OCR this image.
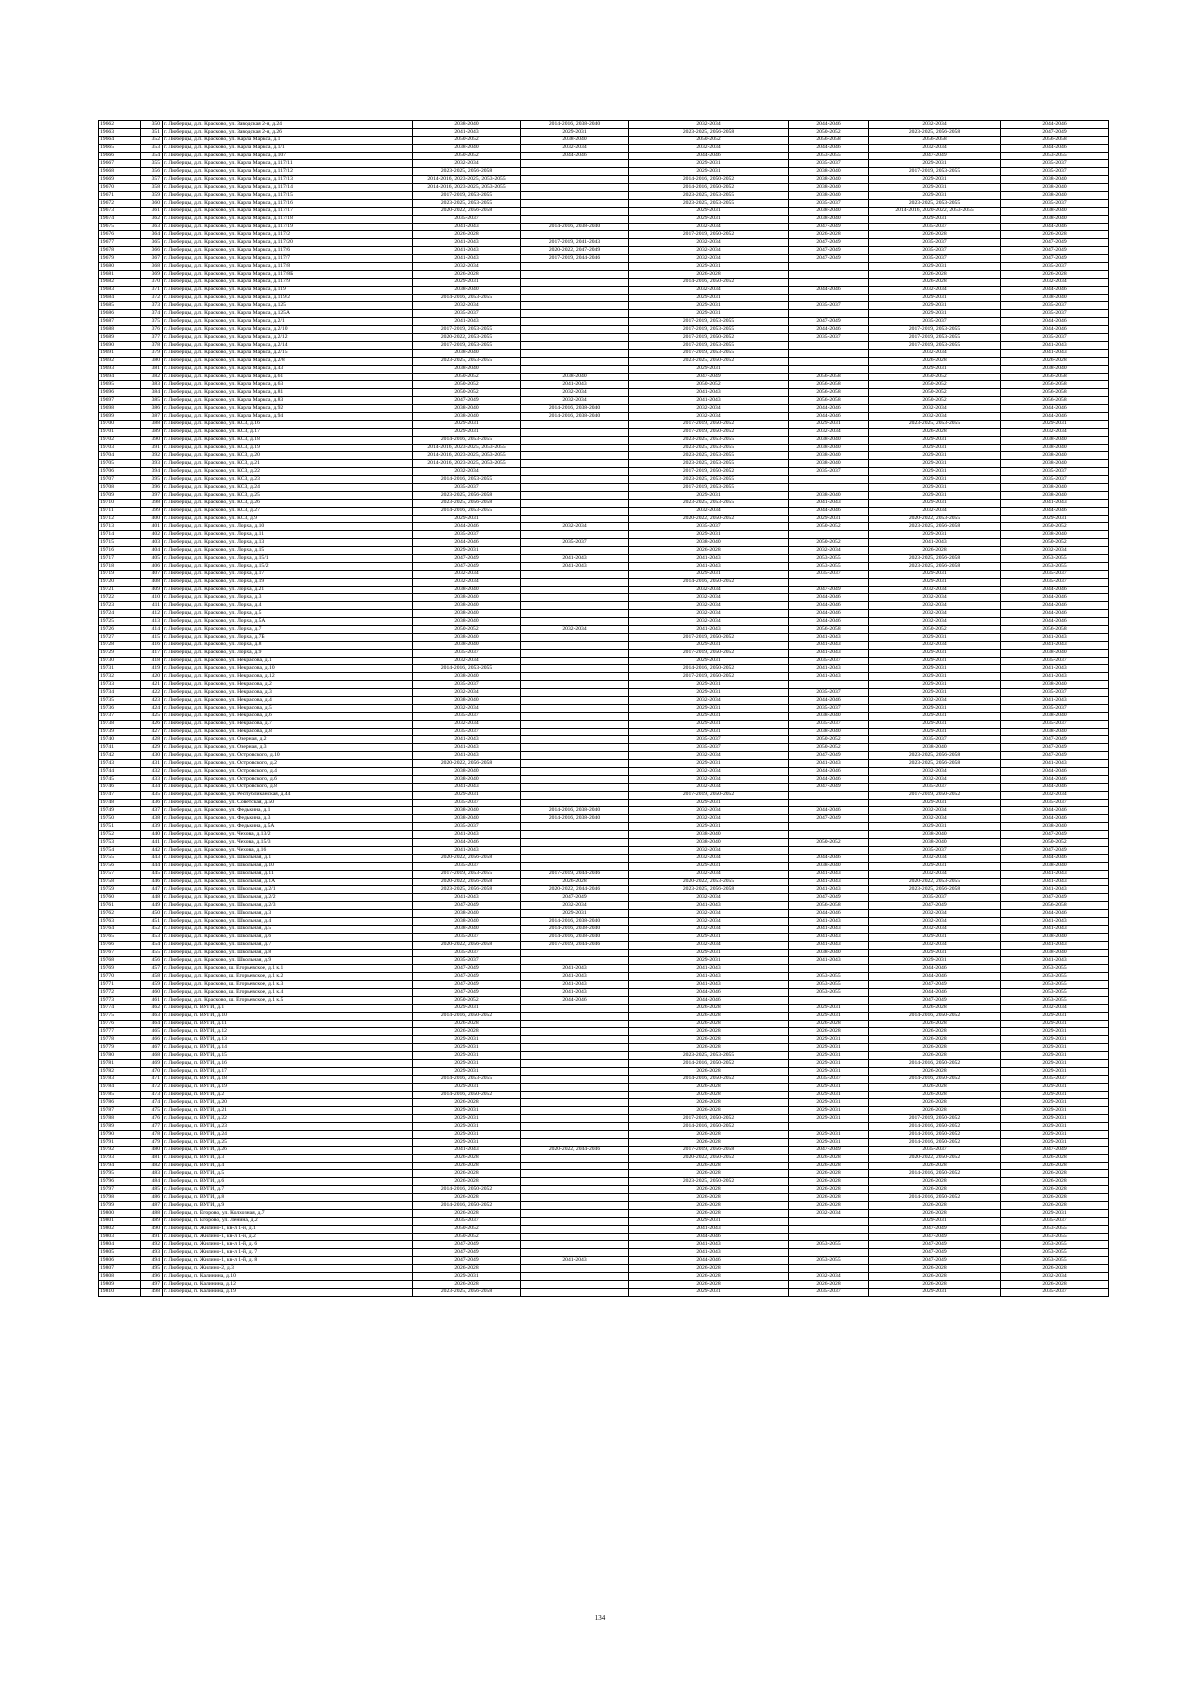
19662	350	г. Люберцы, д.п. Красково, ул. Заводская 2-я, д.24	2038-2040	2014-2016, 2038-2040	2032-2034	2044-2046	2032-2034	2044-2046
19663	351	г. Люберцы, д.п. Красково, ул. Заводская 2-я, д.26	2041-2043	2029-2031	2023-2025, 2056-2058	2050-2052	2023-2025, 2056-2058	2047-2049
19664	352	г. Люберцы, д.п. Красково, ул. Карла Маркса, д.1	2050-2052	2038-2040	2050-2052	2056-2058	2056-2058	2056-2058
19665	353	г. Люберцы, д.п. Красково, ул. Карла Маркса, д.1/1	2038-2040	2032-2034	2032-2034	2044-2046	2032-2034	2044-2046
19666	354	г. Люберцы, д.п. Красково, ул. Карла Маркса, д.107	2050-2052	2044-2046	2044-2046	2053-2055	2047-2049	2053-2055
19667	355	г. Люберцы, д.п. Красково, ул. Карла Маркса, д.117/11	2032-2034		2029-2031	2035-2037	2029-2031	2035-2037
19668	356	г. Люберцы, д.п. Красково, ул. Карла Маркса, д.117/12	2023-2025, 2056-2058		2029-2031	2038-2040	2017-2019, 2053-2055	2035-2037
19669	357	г. Люберцы, д.п. Красково, ул. Карла Маркса, д.117/13	2014-2016, 2023-2025, 2053-2055		2014-2016, 2050-2052	2038-2040	2029-2031	2038-2040
19670	358	г. Люберцы, д.п. Красково, ул. Карла Маркса, д.117/14	2014-2016, 2023-2025, 2053-2055		2014-2016, 2050-2052	2038-2040	2029-2031	2038-2040
19671	359	г. Люберцы, д.п. Красково, ул. Карла Маркса, д.117/15	2017-2019, 2053-2055		2023-2025, 2053-2055	2038-2040	2029-2031	2038-2040
19672	360	г. Люберцы, д.п. Красково, ул. Карла Маркса, д.117/16	2023-2025, 2053-2055		2023-2025, 2053-2055	2035-2037	2023-2025, 2053-2055	2035-2037
19673	361	г. Люберцы, д.п. Красково, ул. Карла Маркса, д.117/17	2020-2022, 2056-2058		2029-2031	2038-2040	2014-2016, 2020-2022, 2053-2055	2038-2040
19674	362	г. Люберцы, д.п. Красково, ул. Карла Маркса, д.117/18	2035-2037		2029-2031	2038-2040	2029-2031	2038-2040
19675	363	г. Люберцы, д.п. Красково, ул. Карла Маркса, д.117/19	2041-2043	2014-2016, 2038-2040	2032-2034	2047-2049	2035-2037	2044-2046
19676	364	г. Люберцы, д.п. Красково, ул. Карла Маркса, д.117/2	2026-2028		2017-2019, 2050-2052	2026-2028	2026-2028	2026-2028
19677	365	г. Люберцы, д.п. Красково, ул. Карла Маркса, д.117/20	2041-2043	2017-2019, 2041-2043	2032-2034	2047-2049	2035-2037	2047-2049
19678	366	г. Люберцы, д.п. Красково, ул. Карла Маркса, д.117/6	2041-2043	2020-2022, 2047-2049	2032-2034	2047-2049	2035-2037	2047-2049
19679	367	г. Люберцы, д.п. Красково, ул. Карла Маркса, д.117/7	2041-2043	2017-2019, 2044-2046	2032-2034	2047-2049	2035-2037	2047-2049
19680	368	г. Люберцы, д.п. Красково, ул. Карла Маркса, д.117/8	2032-2034		2029-2031		2029-2031	2035-2037
19681	369	г. Люберцы, д.п. Красково, ул. Карла Маркса, д.117/8Б	2026-2028		2026-2028		2026-2028	2026-2028
19682	370	г. Люберцы, д.п. Красково, ул. Карла Маркса, д.117/9	2029-2031		2014-2016, 2050-2052		2026-2028	2032-2034
19683	371	г. Люберцы, д.п. Красково, ул. Карла Маркса, д.119	2038-2040		2032-2034	2044-2046	2032-2034	2044-2046
19684	372	г. Люберцы, д.п. Красково, ул. Карла Маркса, д.119/2	2014-2016, 2053-2055		2029-2031		2029-2031	2038-2040
19685	373	г. Люберцы, д.п. Красково, ул. Карла Маркса, д.125	2032-2034		2029-2031	2035-2037	2029-2031	2035-2037
19686	374	г. Люберцы, д.п. Красково, ул. Карла Маркса, д.125А	2035-2037		2029-2031		2029-2031	2035-2037
19687	375	г. Люберцы, д.п. Красково, ул. Карла Маркса, д.2/1	2041-2043		2017-2019, 2053-2055	2047-2049	2035-2037	2044-2046
19688	376	г. Люберцы, д.п. Красково, ул. Карла Маркса, д.2/10	2017-2019, 2053-2055		2017-2019, 2053-2055	2044-2046	2017-2019, 2053-2055	2044-2046
19689	377	г. Люберцы, д.п. Красково, ул. Карла Маркса, д.2/12	2020-2022, 2053-2055		2017-2019, 2050-2052	2035-2037	2017-2019, 2053-2055	2035-2037
19690	378	г. Люберцы, д.п. Красково, ул. Карла Маркса, д.2/14	2017-2019, 2053-2055		2017-2019, 2053-2055		2017-2019, 2053-2055	2041-2043
19691	379	г. Люберцы, д.п. Красково, ул. Карла Маркса, д.2/15	2038-2040		2017-2019, 2053-2055		2032-2034	2041-2043
19692	380	г. Люберцы, д.п. Красково, ул. Карла Маркса, д.2/8	2023-2025, 2053-2055		2023-2025, 2050-2052		2026-2028	2026-2028
19693	381	г. Люберцы, д.п. Красково, ул. Карла Маркса, д.43	2038-2040		2029-2031		2029-2031	2038-2040
19694	382	г. Люберцы, д.п. Красково, ул. Карла Маркса, д.61	2050-2052	2038-2040	2047-2049	2056-2058	2050-2052	2056-2058
19695	383	г. Люберцы, д.п. Красково, ул. Карла Маркса, д.63	2050-2052	2041-2043	2050-2052	2056-2058	2050-2052	2056-2058
19696	384	г. Люберцы, д.п. Красково, ул. Карла Маркса, д.81	2050-2052	2032-2034	2041-2043	2056-2058	2050-2052	2056-2058
19697	385	г. Люберцы, д.п. Красково, ул. Карла Маркса, д.83	2047-2049	2032-2034	2041-2043	2056-2058	2050-2052	2056-2058
19698	386	г. Люберцы, д.п. Красково, ул. Карла Маркса, д.92	2038-2040	2014-2016, 2038-2040	2032-2034	2044-2046	2032-2034	2044-2046
19699	387	г. Люберцы, д.п. Красково, ул. Карла Маркса, д.94	2038-2040	2014-2016, 2038-2040	2032-2034	2044-2046	2032-2034	2044-2046
19700	388	г. Люберцы, д.п. Красково, ул. КСЗ, д.16	2029-2031		2017-2019, 2050-2052	2029-2031	2023-2025, 2053-2055	2029-2031
19701	389	г. Люберцы, д.п. Красково, ул. КСЗ, д.17	2029-2031		2017-2019, 2050-2052	2032-2034	2026-2028	2032-2034
19702	390	г. Люберцы, д.п. Красково, ул. КСЗ, д.18	2014-2016, 2053-2055		2023-2025, 2053-2055	2038-2040	2029-2031	2038-2040
19703	391	г. Люберцы, д.п. Красково, ул. КСЗ, д.19	2014-2016, 2023-2025, 2053-2055		2023-2025, 2053-2055	2038-2040	2029-2031	2038-2040
19704	392	г. Люберцы, д.п. Красково, ул. КСЗ, д.20	2014-2016, 2023-2025, 2053-2055		2023-2025, 2053-2055	2038-2040	2029-2031	2038-2040
19705	393	г. Люберцы, д.п. Красково, ул. КСЗ, д.21	2014-2016, 2023-2025, 2053-2055		2023-2025, 2053-2055	2038-2040	2029-2031	2038-2040
19706	394	г. Люберцы, д.п. Красково, ул. КСЗ, д.22	2032-2034		2017-2019, 2050-2052	2035-2037	2029-2031	2035-2037
19707	395	г. Люберцы, д.п. Красково, ул. КСЗ, д.23	2014-2016, 2053-2055		2023-2025, 2053-2055		2029-2031	2035-2037
19708	396	г. Люберцы, д.п. Красково, ул. КСЗ, д.24	2035-2037		2017-2019, 2053-2055		2029-2031	2038-2040
19709	397	г. Люберцы, д.п. Красково, ул. КСЗ, д.25	2023-2025, 2056-2058		2029-2031	2038-2040	2029-2031	2038-2040
19710	398	г. Люберцы, д.п. Красково, ул. КСЗ, д.26	2023-2025, 2056-2058		2023-2025, 2053-2055	2041-2043	2029-2031	2041-2043
19711	399	г. Люберцы, д.п. Красково, ул. КСЗ, д.27	2014-2016, 2053-2055		2032-2034	2044-2046	2032-2034	2044-2046
19712	400	г. Люберцы, д.п. Красково, ул. КСЗ, д.9	2029-2031		2020-2022, 2050-2052	2029-2031	2020-2022, 2053-2055	2029-2031
19713	401	г. Люберцы, д.п. Красково, ул. Лорха, д.10	2044-2046	2032-2034	2035-2037	2050-2052	2023-2025, 2056-2058	2050-2052
19714	402	г. Люберцы, д.п. Красково, ул. Лорха, д.11	2035-2037		2029-2031		2029-2031	2038-2040
19715	403	г. Люберцы, д.п. Красково, ул. Лорха, д.13	2044-2046	2035-2037	2038-2040	2050-2052	2041-2043	2050-2052
19716	404	г. Люберцы, д.п. Красково, ул. Лорха, д.15	2029-2031		2026-2028	2032-2034	2026-2028	2032-2034
19717	405	г. Люберцы, д.п. Красково, ул. Лорха, д.15/1	2047-2049	2041-2043	2041-2043	2053-2055	2023-2025, 2056-2058	2053-2055
19718	406	г. Люберцы, д.п. Красково, ул. Лорха, д.15/2	2047-2049	2041-2043	2041-2043	2053-2055	2023-2025, 2056-2058	2053-2055
19719	407	г. Люберцы, д.п. Красково, ул. Лорха, д.17	2032-2034		2029-2031	2035-2037	2029-2031	2035-2037
19720	408	г. Люберцы, д.п. Красково, ул. Лорха, д.19	2032-2034		2014-2016, 2050-2052		2029-2031	2035-2037
19721	409	г. Люберцы, д.п. Красково, ул. Лорха, д.21	2038-2040		2032-2034	2047-2049	2032-2034	2044-2046
19722	410	г. Люберцы, д.п. Красково, ул. Лорха, д.3	2038-2040		2032-2034	2044-2046	2032-2034	2044-2046
19723	411	г. Люберцы, д.п. Красково, ул. Лорха, д.4	2038-2040		2032-2034	2044-2046	2032-2034	2044-2046
19724	412	г. Люберцы, д.п. Красково, ул. Лорха, д.5	2038-2040		2032-2034	2044-2046	2032-2034	2044-2046
19725	413	г. Люберцы, д.п. Красково, ул. Лорха, д.5А	2038-2040		2032-2034	2044-2046	2032-2034	2044-2046
19726	414	г. Люберцы, д.п. Красково, ул. Лорха, д.7	2050-2052	2032-2034	2041-2043	2056-2058	2050-2052	2056-2058
19727	415	г. Люберцы, д.п. Красково, ул. Лорха, д.7Б	2038-2040		2017-2019, 2050-2052	2041-2043	2029-2031	2041-2043
19728	416	г. Люберцы, д.п. Красково, ул. Лорха, д.8	2038-2040		2029-2031	2041-2043	2032-2034	2041-2043
19729	417	г. Люберцы, д.п. Красково, ул. Лорха, д.9	2035-2037		2017-2019, 2050-2052	2041-2043	2029-2031	2038-2040
19730	418	г. Люберцы, д.п. Красково, ул. Некрасова, д.1	2032-2034		2029-2031	2035-2037	2029-2031	2035-2037
19731	419	г. Люберцы, д.п. Красково, ул. Некрасова, д.10	2014-2016, 2053-2055		2014-2016, 2050-2052	2041-2043	2029-2031	2041-2043
19732	420	г. Люберцы, д.п. Красково, ул. Некрасова, д.12	2038-2040		2017-2019, 2050-2052	2041-2043	2029-2031	2041-2043
19733	421	г. Люберцы, д.п. Красково, ул. Некрасова, д.2	2035-2037		2029-2031		2029-2031	2038-2040
19734	422	г. Люберцы, д.п. Красково, ул. Некрасова, д.3	2032-2034		2029-2031	2035-2037	2029-2031	2035-2037
19735	423	г. Люберцы, д.п. Красково, ул. Некрасова, д.4	2038-2040		2032-2034	2044-2046	2032-2034	2041-2043
19736	424	г. Люберцы, д.п. Красково, ул. Некрасова, д.5	2032-2034		2029-2031	2035-2037	2029-2031	2035-2037
19737	425	г. Люберцы, д.п. Красково, ул. Некрасова, д.6	2035-2037		2029-2031	2038-2040	2029-2031	2038-2040
19738	426	г. Люберцы, д.п. Красково, ул. Некрасова, д.7	2032-2034		2029-2031	2035-2037	2029-2031	2035-2037
19739	427	г. Люберцы, д.п. Красково, ул. Некрасова, д.8	2035-2037		2029-2031	2038-2040	2029-2031	2038-2040
19740	428	г. Люберцы, д.п. Красково, ул. Озерная, д.2	2041-2043		2035-2037	2050-2052	2035-2037	2047-2049
19741	429	г. Люберцы, д.п. Красково, ул. Озерная, д.3	2041-2043		2035-2037	2050-2052	2038-2040	2047-2049
19742	430	г. Люберцы, д.п. Красково, ул. Островского, д.10	2041-2043		2032-2034	2047-2049	2023-2025, 2056-2058	2047-2049
19743	431	г. Люберцы, д.п. Красково, ул. Островского, д.2	2020-2022, 2056-2058		2029-2031	2041-2043	2023-2025, 2056-2058	2041-2043
19744	432	г. Люберцы, д.п. Красково, ул. Островского, д.4	2038-2040		2032-2034	2044-2046	2032-2034	2044-2046
19745	433	г. Люберцы, д.п. Красково, ул. Островского, д.6	2038-2040		2032-2034	2044-2046	2032-2034	2044-2046
19746	434	г. Люберцы, д.п. Красково, ул. Островского, д.8	2041-2043		2032-2034	2047-2049	2035-2037	2044-2046
19747	435	г. Люберцы, д.п. Красково, ул. Республиканская, д.44	2029-2031		2017-2019, 2050-2052		2017-2019, 2050-2052	2032-2034
19748	436	г. Люберцы, д.п. Красково, ул. Советская, д.50	2035-2037		2029-2031		2029-2031	2035-2037
19749	437	г. Люберцы, д.п. Красково, ул. Федькина, д.1	2038-2040	2014-2016, 2038-2040	2032-2034	2044-2046	2032-2034	2044-2046
19750	438	г. Люберцы, д.п. Красково, ул. Федькина, д.3	2038-2040	2014-2016, 2038-2040	2032-2034	2047-2049	2032-2034	2044-2046
19751	439	г. Люберцы, д.п. Красково, ул. Федькина, д.5А	2035-2037		2029-2031		2029-2031	2038-2040
19752	440	г. Люберцы, д.п. Красково, ул. Чехова, д.13/2	2041-2043		2038-2040		2038-2040	2047-2049
19753	441	г. Люберцы, д.п. Красково, ул. Чехова, д.15/3	2044-2046		2038-2040	2050-2052	2038-2040	2050-2052
19754	442	г. Люберцы, д.п. Красково, ул. Чехова, д.16	2041-2043		2032-2034		2035-2037	2047-2049
19755	443	г. Люберцы, д.п. Красково, ул. Школьная, д.1	2020-2022, 2056-2058		2032-2034	2044-2046	2032-2034	2044-2046
19756	444	г. Люберцы, д.п. Красково, ул. Школьная, д.10	2035-2037		2029-2031	2038-2040	2029-2031	2038-2040
19757	445	г. Люберцы, д.п. Красково, ул. Школьная, д.11	2017-2019, 2053-2055	2017-2019, 2044-2046	2032-2034	2041-2043	2032-2034	2041-2043
19758	446	г. Люберцы, д.п. Красково, ул. Школьная, д.1А	2020-2022, 2056-2058	2026-2028	2020-2022, 2053-2055	2041-2043	2020-2022, 2053-2055	2041-2043
19759	447	г. Люберцы, д.п. Красково, ул. Школьная, д.2/1	2023-2025, 2056-2058	2020-2022, 2044-2046	2023-2025, 2056-2058	2041-2043	2023-2025, 2056-2058	2041-2043
19760	448	г. Люберцы, д.п. Красково, ул. Школьная, д.2/2	2041-2043	2047-2049	2032-2034	2047-2049	2035-2037	2047-2049
19761	449	г. Люберцы, д.п. Красково, ул. Школьная, д.2/3	2047-2049	2032-2034	2041-2043	2056-2058	2047-2049	2056-2058
19762	450	г. Люберцы, д.п. Красково, ул. Школьная, д.3	2038-2040	2029-2031	2032-2034	2044-2046	2032-2034	2044-2046
19763	451	г. Люберцы, д.п. Красково, ул. Школьная, д.4	2038-2040	2014-2016, 2038-2040	2032-2034	2041-2043	2032-2034	2041-2043
19764	452	г. Люберцы, д.п. Красково, ул. Школьная, д.5	2038-2040	2014-2016, 2038-2040	2032-2034	2041-2043	2032-2034	2041-2043
19765	453	г. Люберцы, д.п. Красково, ул. Школьная, д.6	2035-2037	2014-2016, 2038-2040	2029-2031	2041-2043	2029-2031	2038-2040
19766	454	г. Люберцы, д.п. Красково, ул. Школьная, д.7	2020-2022, 2056-2058	2017-2019, 2044-2046	2032-2034	2041-2043	2032-2034	2041-2043
19767	455	г. Люберцы, д.п. Красково, ул. Школьная, д.8	2035-2037		2029-2031	2038-2040	2029-2031	2038-2040
19768	456	г. Люберцы, д.п. Красково, ул. Школьная, д.9	2035-2037		2029-2031	2041-2043	2029-2031	2041-2043
19769	457	г. Люберцы, д.п. Красково, ш. Егорьевское, д.1 к.1	2047-2049	2041-2043	2041-2043		2044-2046	2053-2055
19770	458	г. Люберцы, д.п. Красково, ш. Егорьевское, д.1 к.2	2047-2049	2041-2043	2041-2043	2053-2055	2044-2046	2053-2055
19771	459	г. Люберцы, д.п. Красково, ш. Егорьевское, д.1 к.3	2047-2049	2041-2043	2041-2043	2053-2055	2047-2049	2053-2055
19772	460	г. Люберцы, д.п. Красково, ш. Егорьевское, д.1 к.4	2047-2049	2041-2043	2044-2046	2053-2055	2044-2046	2053-2055
19773	461	г. Люберцы, д.п. Красково, ш. Егорьевское, д.1 к.5	2050-2052	2044-2046	2044-2046		2047-2049	2053-2055
19774	462	г. Люберцы, п. ВУГИ, д.1	2029-2031		2026-2028	2029-2031	2026-2028	2032-2034
19775	463	г. Люберцы, п. ВУГИ, д.10	2014-2016, 2050-2052		2026-2028	2029-2031	2014-2016, 2050-2052	2029-2031
19776	464	г. Люберцы, п. ВУГИ, д.11	2026-2028		2026-2028	2026-2028	2026-2028	2029-2031
19777	465	г. Люберцы, п. ВУГИ, д.12	2026-2028		2026-2028	2026-2028	2026-2028	2029-2031
19778	466	г. Люберцы, п. ВУГИ, д.13	2029-2031		2026-2028	2029-2031	2026-2028	2029-2031
19779	467	г. Люберцы, п. ВУГИ, д.14	2029-2031		2026-2028	2029-2031	2026-2028	2029-2031
19780	468	г. Люберцы, п. ВУГИ, д.15	2029-2031		2023-2025, 2053-2055	2029-2031	2026-2028	2029-2031
19781	469	г. Люберцы, п. ВУГИ, д.16	2029-2031		2014-2016, 2050-2052	2029-2031	2014-2016, 2050-2052	2029-2031
19782	470	г. Люберцы, п. ВУГИ, д.17	2029-2031		2026-2028	2029-2031	2026-2028	2029-2031
19783	471	г. Люберцы, п. ВУГИ, д.18	2014-2016, 2053-2055		2014-2016, 2050-2052	2035-2037	2014-2016, 2050-2052	2035-2037
19784	472	г. Люберцы, п. ВУГИ, д.19	2029-2031		2026-2028	2029-2031	2026-2028	2029-2031
19785	473	г. Люберцы, п. ВУГИ, д.2	2014-2016, 2050-2052		2026-2028	2029-2031	2026-2028	2029-2031
19786	474	г. Люберцы, п. ВУГИ, д.20	2026-2028		2026-2028	2029-2031	2026-2028	2029-2031
19787	475	г. Люберцы, п. ВУГИ, д.21	2029-2031		2026-2028	2029-2031	2026-2028	2029-2031
19788	476	г. Люберцы, п. ВУГИ, д.22	2029-2031		2017-2019, 2050-2052	2029-2031	2017-2019, 2050-2052	2029-2031
19789	477	г. Люберцы, п. ВУГИ, д.23	2029-2031		2014-2016, 2050-2052		2014-2016, 2050-2052	2029-2031
19790	478	г. Люберцы, п. ВУГИ, д.24	2029-2031		2026-2028	2029-2031	2014-2016, 2050-2052	2029-2031
19791	479	г. Люберцы, п. ВУГИ, д.25	2029-2031		2026-2028	2029-2031	2014-2016, 2050-2052	2029-2031
19792	480	г. Люберцы, п. ВУГИ, д.26	2041-2043	2020-2022, 2044-2046	2017-2019, 2056-2058	2047-2049	2035-2037	2047-2049
19793	481	г. Люберцы, п. ВУГИ, д.3	2026-2028		2020-2022, 2050-2052	2026-2028	2020-2022, 2050-2052	2026-2028
19794	482	г. Люберцы, п. ВУГИ, д.4	2026-2028		2026-2028	2026-2028	2026-2028	2026-2028
19795	483	г. Люберцы, п. ВУГИ, д.5	2026-2028		2026-2028	2026-2028	2014-2016, 2050-2052	2026-2028
19796	484	г. Люберцы, п. ВУГИ, д.6	2026-2028		2023-2025, 2050-2052	2026-2028	2026-2028	2026-2028
19797	485	г. Люберцы, п. ВУГИ, д.7	2014-2016, 2050-2052		2026-2028	2026-2028	2026-2028	2026-2028
19798	486	г. Люберцы, п. ВУГИ, д.8	2026-2028		2026-2028	2026-2028	2014-2016, 2050-2052	2026-2028
19799	487	г. Люберцы, п. ВУГИ, д.9	2014-2016, 2050-2052		2026-2028	2026-2028	2026-2028	2026-2028
19800	488	г. Люберцы, п. Егорово, ул. Колхозная, д.7	2026-2028		2026-2028	2032-2034	2026-2028	2029-2031
19801	489	г. Люберцы, п. Егорово, ул. Ленина, д.2	2035-2037		2029-2031		2029-2031	2035-2037
19802	490	г. Люберцы, п. Жилино-1, кв-л 1-й, д.1	2050-2052		2041-2043		2047-2049	2053-2055
19803	491	г. Люберцы, п. Жилино-1, кв-л 1-й, д.2	2050-2052		2044-2046		2047-2049	2053-2055
19804	492	г. Люберцы, п. Жилино-1, кв-л 1-й, д. 6	2047-2049		2041-2043	2053-2055	2047-2049	2053-2055
19805	493	г. Люберцы, п. Жилино-1, кв-л 1-й, д. 7	2047-2049		2041-2043		2047-2049	2053-2055
19806	494	г. Люберцы, п. Жилино-1, кв-л 1-й, д. 8	2047-2049	2041-2043	2044-2046	2053-2055	2047-2049	2053-2055
19807	495	г. Люберцы, п. Жилино-2, д.3	2026-2028		2026-2028		2026-2028	2026-2028
19808	496	г. Люберцы, п. Калинина, д.10	2029-2031		2026-2028	2032-2034	2026-2028	2032-2034
19809	497	г. Люберцы, п. Калинина, д.12	2026-2028		2026-2028	2026-2028	2026-2028	2026-2028
19810	498	г. Люберцы, п. Калинина, д.19	2023-2025, 2056-2058		2029-2031	2035-2037	2029-2031	2035-2037
134
